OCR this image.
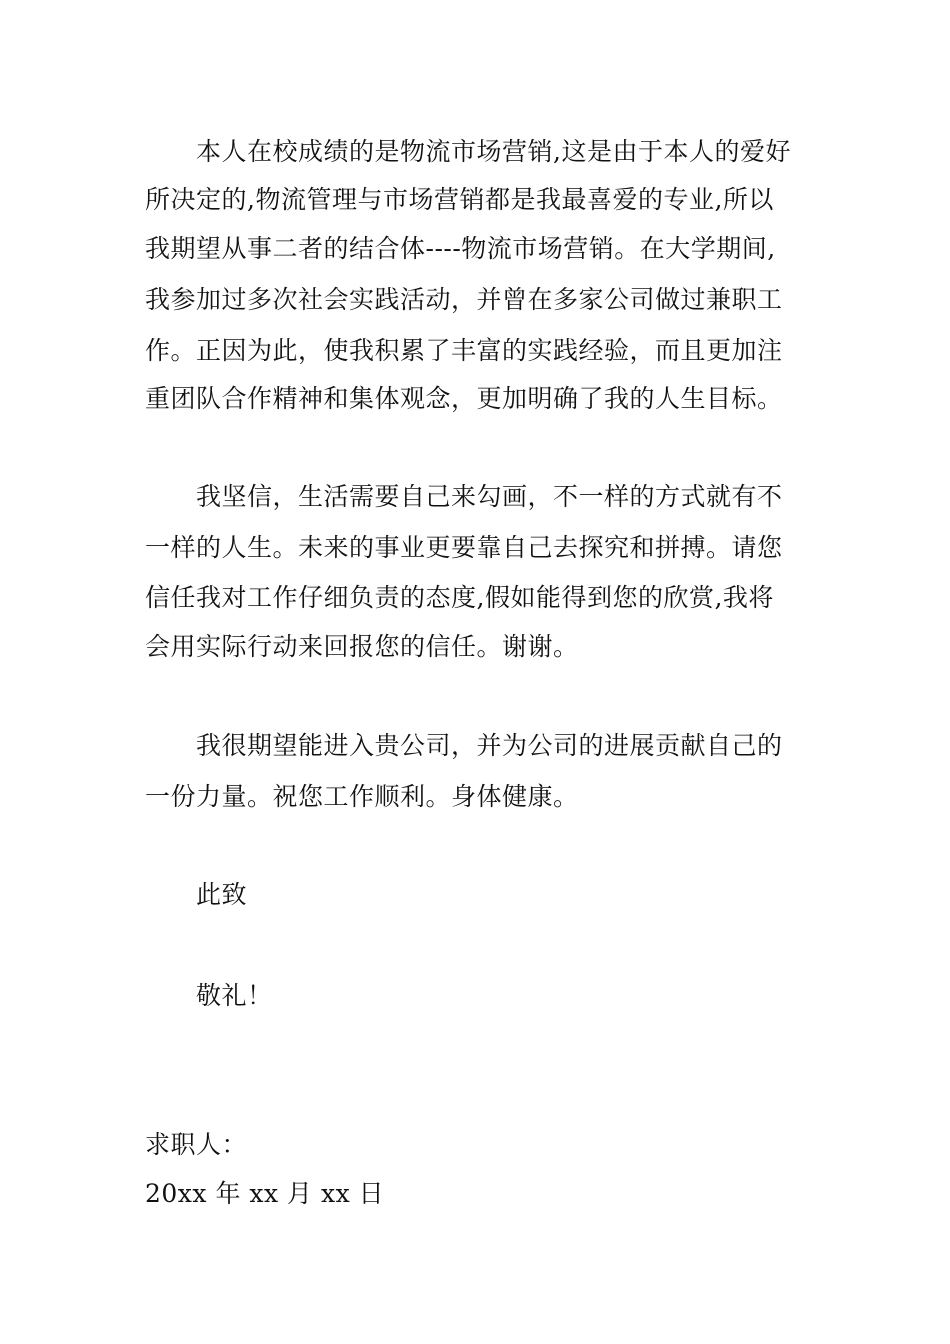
本人在校成绩的是物流市场营销,这是由于本人的爱好
所决定的,物流管理与市场营销都是我最喜爱的专业,所以
我期望从事二者的结合体----物流市场营销。在大学期间,
我参加过多次社会实践活动，并曾在多家公司做过兼职工
作。正因为此，使我积累了丰富的实践经验，而且更加注
重团队合作精神和集体观念，更加明确了我的人生目标。
我坚信，生活需要自己来勾画，不一样的方式就有不
一样的人生。未来的事业更要靠自己去探究和拼搏。请您
信任我对工作仔细负责的态度,假如能得到您的欣赏,我将
会用实际行动来回报您的信任。谢谢。
我很期望能进入贵公司，并为公司的进展贡献自己的
一份力量。祝您工作顺利。身体健康。
此致
敬礼！
求职人：
20xx 年 xx 月 xx 日
